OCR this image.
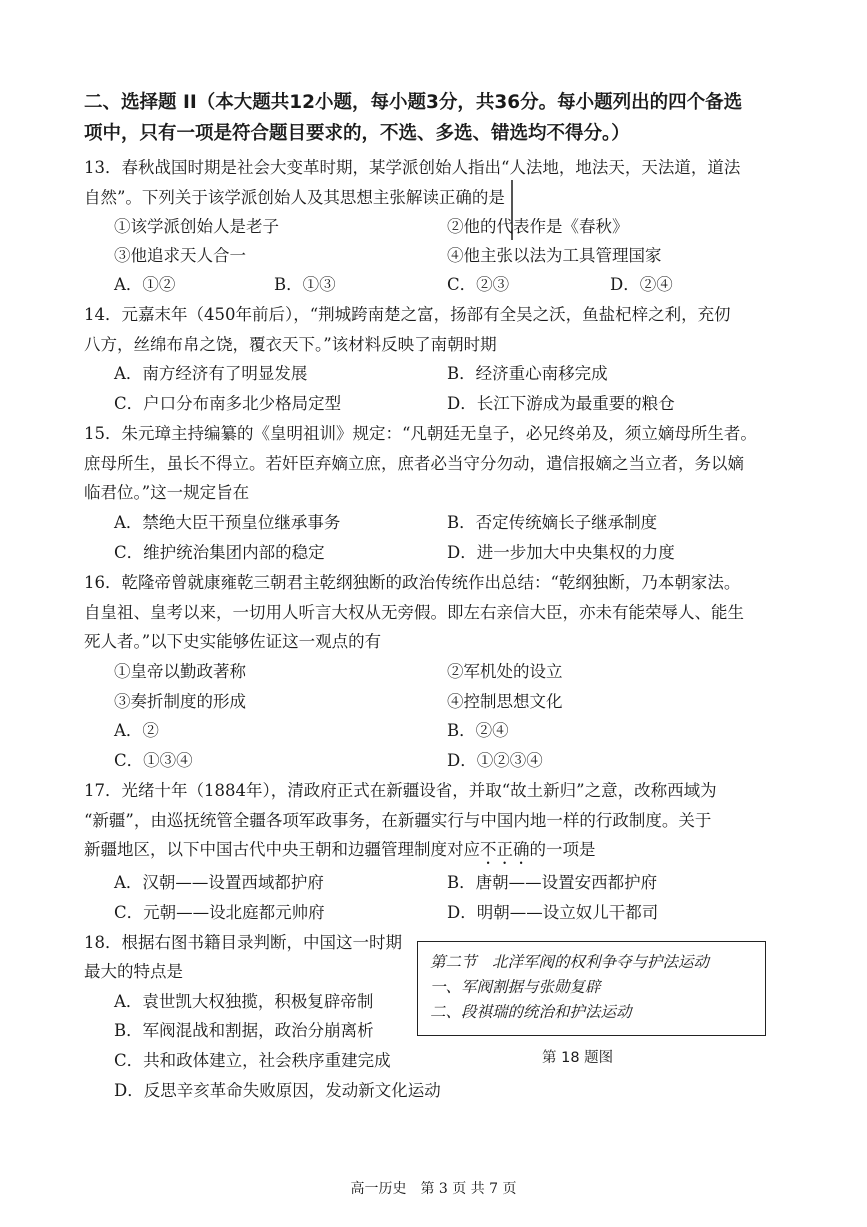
二、选择题 II（本大题共12小题，每小题3分，共36分。每小题列出的四个备选
项中，只有一项是符合题目要求的，不选、多选、错选均不得分。）
13．春秋战国时期是社会大变革时期，某学派创始人指出“人法地，地法天，天法道，道法
自然”。下列关于该学派创始人及其思想主张解读正确的是
①该学派创始人是老子	②他的代表作是《春秋》
③他追求天人合一	④他主张以法为工具管理国家
A．①②	B．①③	C．②③	D．②④
14．元嘉末年（450年前后），“荆城跨南楚之富，扬部有全吴之沃，鱼盐杞梓之利，充仞
八方，丝绵布帛之饶，覆衣天下。”该材料反映了南朝时期
A．南方经济有了明显发展	B．经济重心南移完成
C．户口分布南多北少格局定型	D．长江下游成为最重要的粮仓
15．朱元璋主持编纂的《皇明祖训》规定：“凡朝廷无皇子，必兄终弟及，须立嫡母所生者。
庶母所生，虽长不得立。若奸臣弃嫡立庶，庶者必当守分勿动，遣信报嫡之当立者，务以嫡
临君位。”这一规定旨在
A．禁绝大臣干预皇位继承事务	B．否定传统嫡长子继承制度
C．维护统治集团内部的稳定	D．进一步加大中央集权的力度
16．乾隆帝曾就康雍乾三朝君主乾纲独断的政治传统作出总结：“乾纲独断，乃本朝家法。
自皇祖、皇考以来，一切用人听言大权从无旁假。即左右亲信大臣，亦未有能荣辱人、能生
死人者。”以下史实能够佐证这一观点的有
①皇帝以勤政著称	②军机处的设立
③奏折制度的形成	④控制思想文化
A．②	B．②④
C．①③④	D．①②③④
17．光绪十年（1884年），清政府正式在新疆设省，并取“故土新归”之意，改称西域为
“新疆”，由巡抚统管全疆各项军政事务，在新疆实行与中国内地一样的行政制度。关于
新疆地区，以下中国古代中央王朝和边疆管理制度对应不正确的一项是
A．汉朝——设置西域都护府	B．唐朝——设置安西都护府
C．元朝——设北庭都元帅府	D．明朝——设立奴儿干都司
18．根据右图书籍目录判断，中国这一时期
最大的特点是
A．袁世凯大权独揽，积极复辟帝制
B．军阀混战和割据，政治分崩离析
C．共和政体建立，社会秩序重建完成
D．反思辛亥革命失败原因，发动新文化运动
第二节　北洋军阀的权利争夺与护法运动
一、军阀割据与张勋复辟
二、段祺瑞的统治和护法运动
第 18 题图
高一历史　第 3 页 共 7 页
